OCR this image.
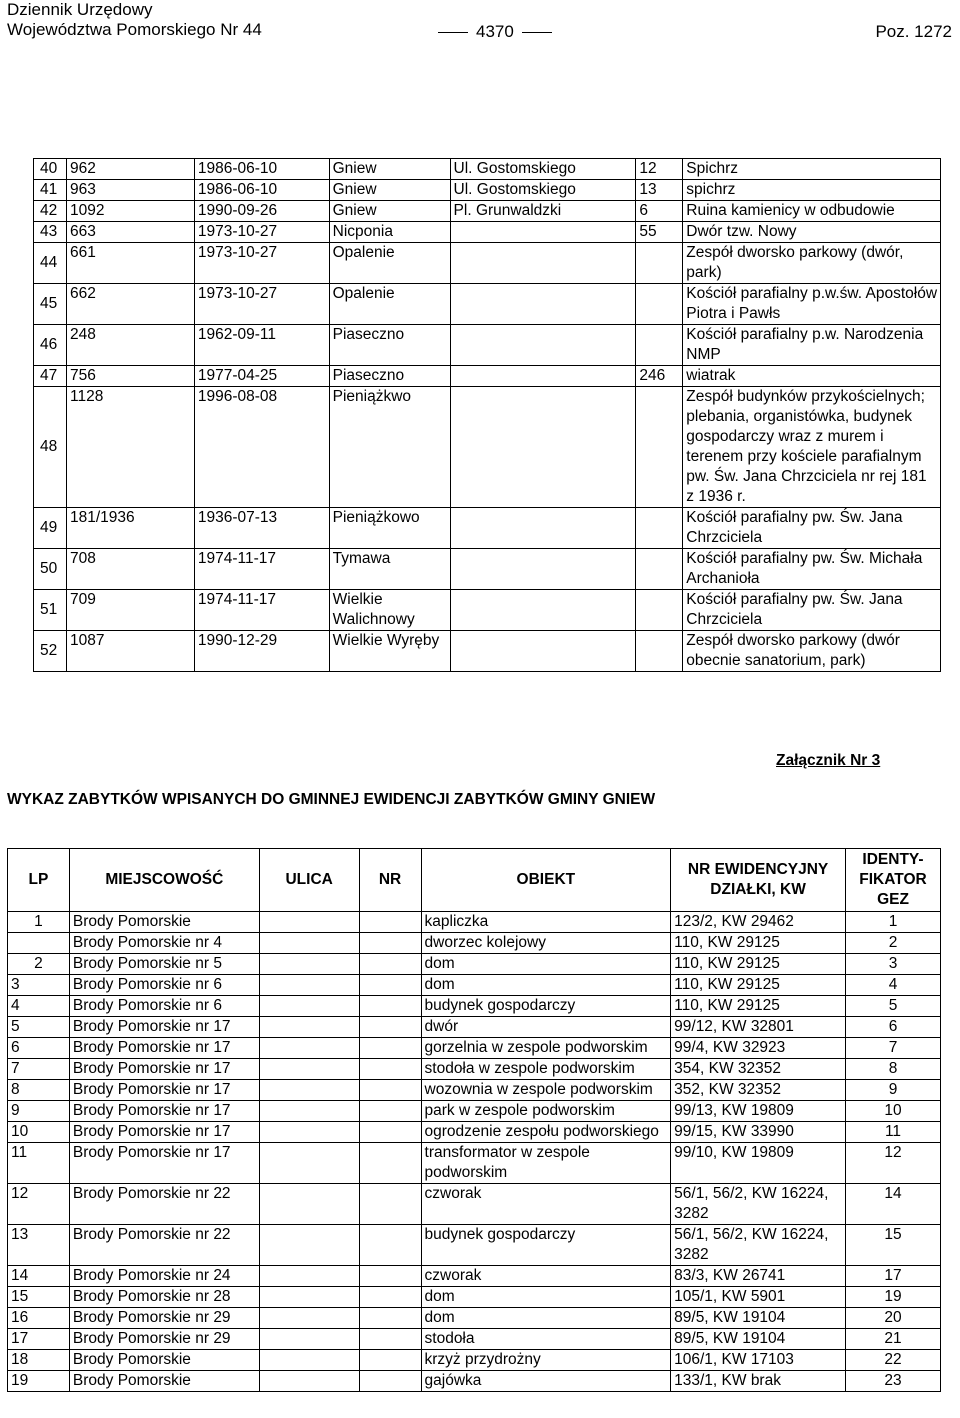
Dziennik Urzędowy
Województwa Pomorskiego Nr 44	4370	Poz. 1272
40	962	1986-06-10	Gniew	Ul. Gostomskiego	12	Spichrz
41	963	1986-06-10	Gniew	Ul. Gostomskiego	13	spichrz
42	1092	1990-09-26	Gniew	Pl. Grunwaldzki	6	Ruina kamienicy w odbudowie
43	663	1973-10-27	Nicponia		55	Dwór tzw. Nowy
44	661	1973-10-27	Opalenie			Zespół dworsko parkowy (dwór, park)
45	662	1973-10-27	Opalenie			Kościół parafialny p.w.św. Apostołów Piotra i Pawłs
46	248	1962-09-11	Piaseczno			Kościół parafialny p.w. Narodzenia NMP
47	756	1977-04-25	Piaseczno		246	wiatrak
48	1128	1996-08-08	Pieniążkwo			Zespół budynków przykościelnych; plebania, organistówka, budynek gospodarczy wraz z murem i terenem przy kościele parafialnym pw. Św. Jana Chrzciciela nr rej 181 z 1936 r.
49	181/1936	1936-07-13	Pieniążkowo			Kościół parafialny pw. Św. Jana Chrzciciela
50	708	1974-11-17	Tymawa			Kościół parafialny pw. Św. Michała Archanioła
51	709	1974-11-17	Wielkie Walichnowy			Kościół parafialny pw. Św. Jana Chrzciciela
52	1087	1990-12-29	Wielkie Wyręby			Zespół dworsko parkowy (dwór obecnie sanatorium, park)
Załącznik Nr 3
WYKAZ ZABYTKÓW WPISANYCH DO GMINNEJ EWIDENCJI ZABYTKÓW GMINY GNIEW
LP	MIEJSCOWOŚĆ	ULICA	NR	OBIEKT	NR EWIDENCYJNY DZIAŁKI, KW	IDENTY-FIKATOR GEZ
1	Brody Pomorskie			kapliczka	123/2, KW 29462	1
	Brody Pomorskie nr 4			dworzec kolejowy	110, KW 29125	2
2	Brody Pomorskie nr 5			dom	110, KW 29125	3
3	Brody Pomorskie nr 6			dom	110, KW 29125	4
4	Brody Pomorskie nr 6			budynek gospodarczy	110, KW 29125	5
5	Brody Pomorskie nr 17			dwór	99/12, KW 32801	6
6	Brody Pomorskie nr 17			gorzelnia w zespole podworskim	99/4, KW 32923	7
7	Brody Pomorskie nr 17			stodoła w zespole podworskim	354, KW 32352	8
8	Brody Pomorskie nr 17			wozownia w zespole podworskim	352, KW 32352	9
9	Brody Pomorskie nr 17			park w zespole podworskim	99/13, KW 19809	10
10	Brody Pomorskie nr 17			ogrodzenie zespołu podworskiego	99/15, KW 33990	11
11	Brody Pomorskie nr 17			transformator w zespole podworskim	99/10, KW 19809	12
12	Brody Pomorskie nr 22			czworak	56/1, 56/2, KW 16224, 3282	14
13	Brody Pomorskie nr 22			budynek gospodarczy	56/1, 56/2, KW 16224, 3282	15
14	Brody Pomorskie nr 24			czworak	83/3, KW 26741	17
15	Brody Pomorskie nr 28			dom	105/1, KW 5901	19
16	Brody Pomorskie nr 29			dom	89/5, KW 19104	20
17	Brody Pomorskie nr 29			stodoła	89/5, KW 19104	21
18	Brody Pomorskie			krzyż przydrożny	106/1, KW 17103	22
19	Brody Pomorskie			gajówka	133/1, KW brak	23
